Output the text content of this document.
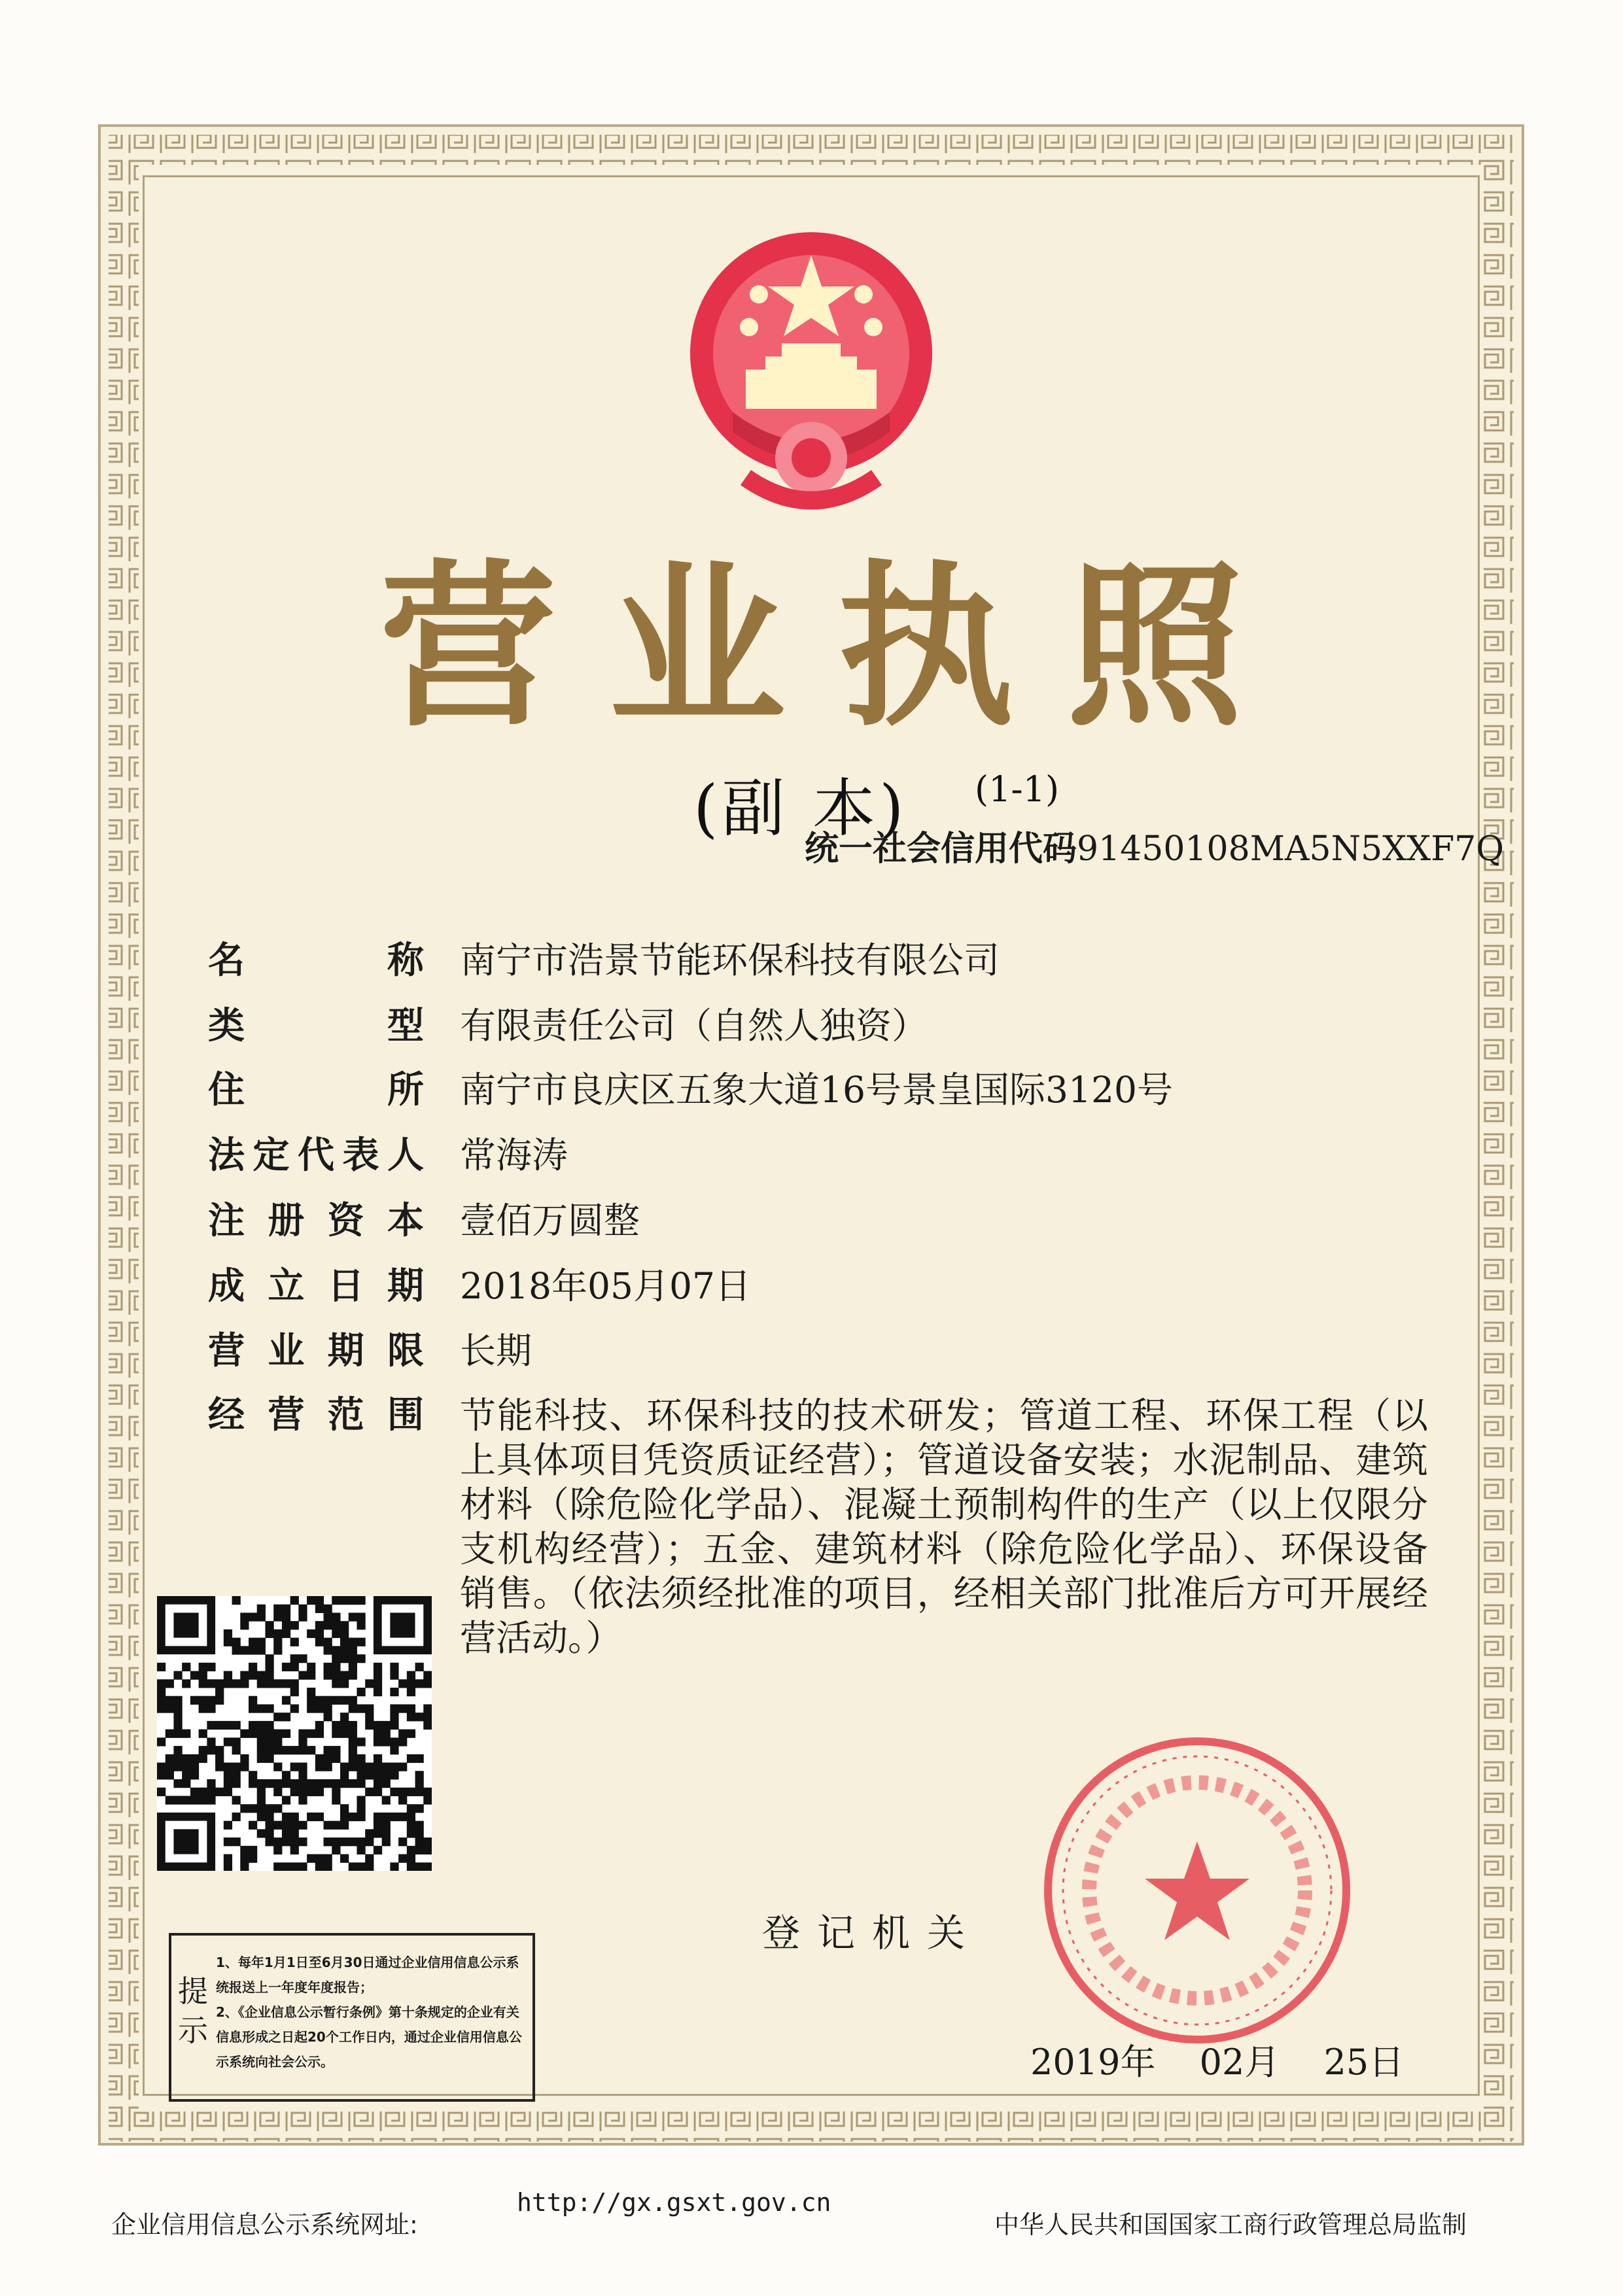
营业执照
(副 本) (1-1)
统一社会信用代码91450108MA5N5XXF7Q
名称 南宁市浩景节能环保科技有限公司
类型 有限责任公司（自然人独资）
住所 南宁市良庆区五象大道16号景皇国际3120号
法定代表人 常海涛
注册资本 壹佰万圆整
成立日期 2018年05月07日
营业期限 长期
经营范围 节能科技、环保科技的技术研发；管道工程、环保工程（以上具体项目凭资质证经营）；管道设备安装；水泥制品、建筑材料（除危险化学品）、混凝土预制构件的生产（以上仅限分支机构经营）；五金、建筑材料（除危险化学品）、环保设备销售。（依法须经批准的项目，经相关部门批准后方可开展经营活动。）
提示
1、每年1月1日至6月30日通过企业信用信息公示系统报送上一年度年度报告；
2、《企业信息公示暂行条例》第十条规定的企业有关信息形成之日起20个工作日内，通过企业信用信息公示系统向社会公示。
登记机关
2019年 02月 25日
企业信用信息公示系统网址:
http://gx.gsxt.gov.cn
中华人民共和国国家工商行政管理总局监制
